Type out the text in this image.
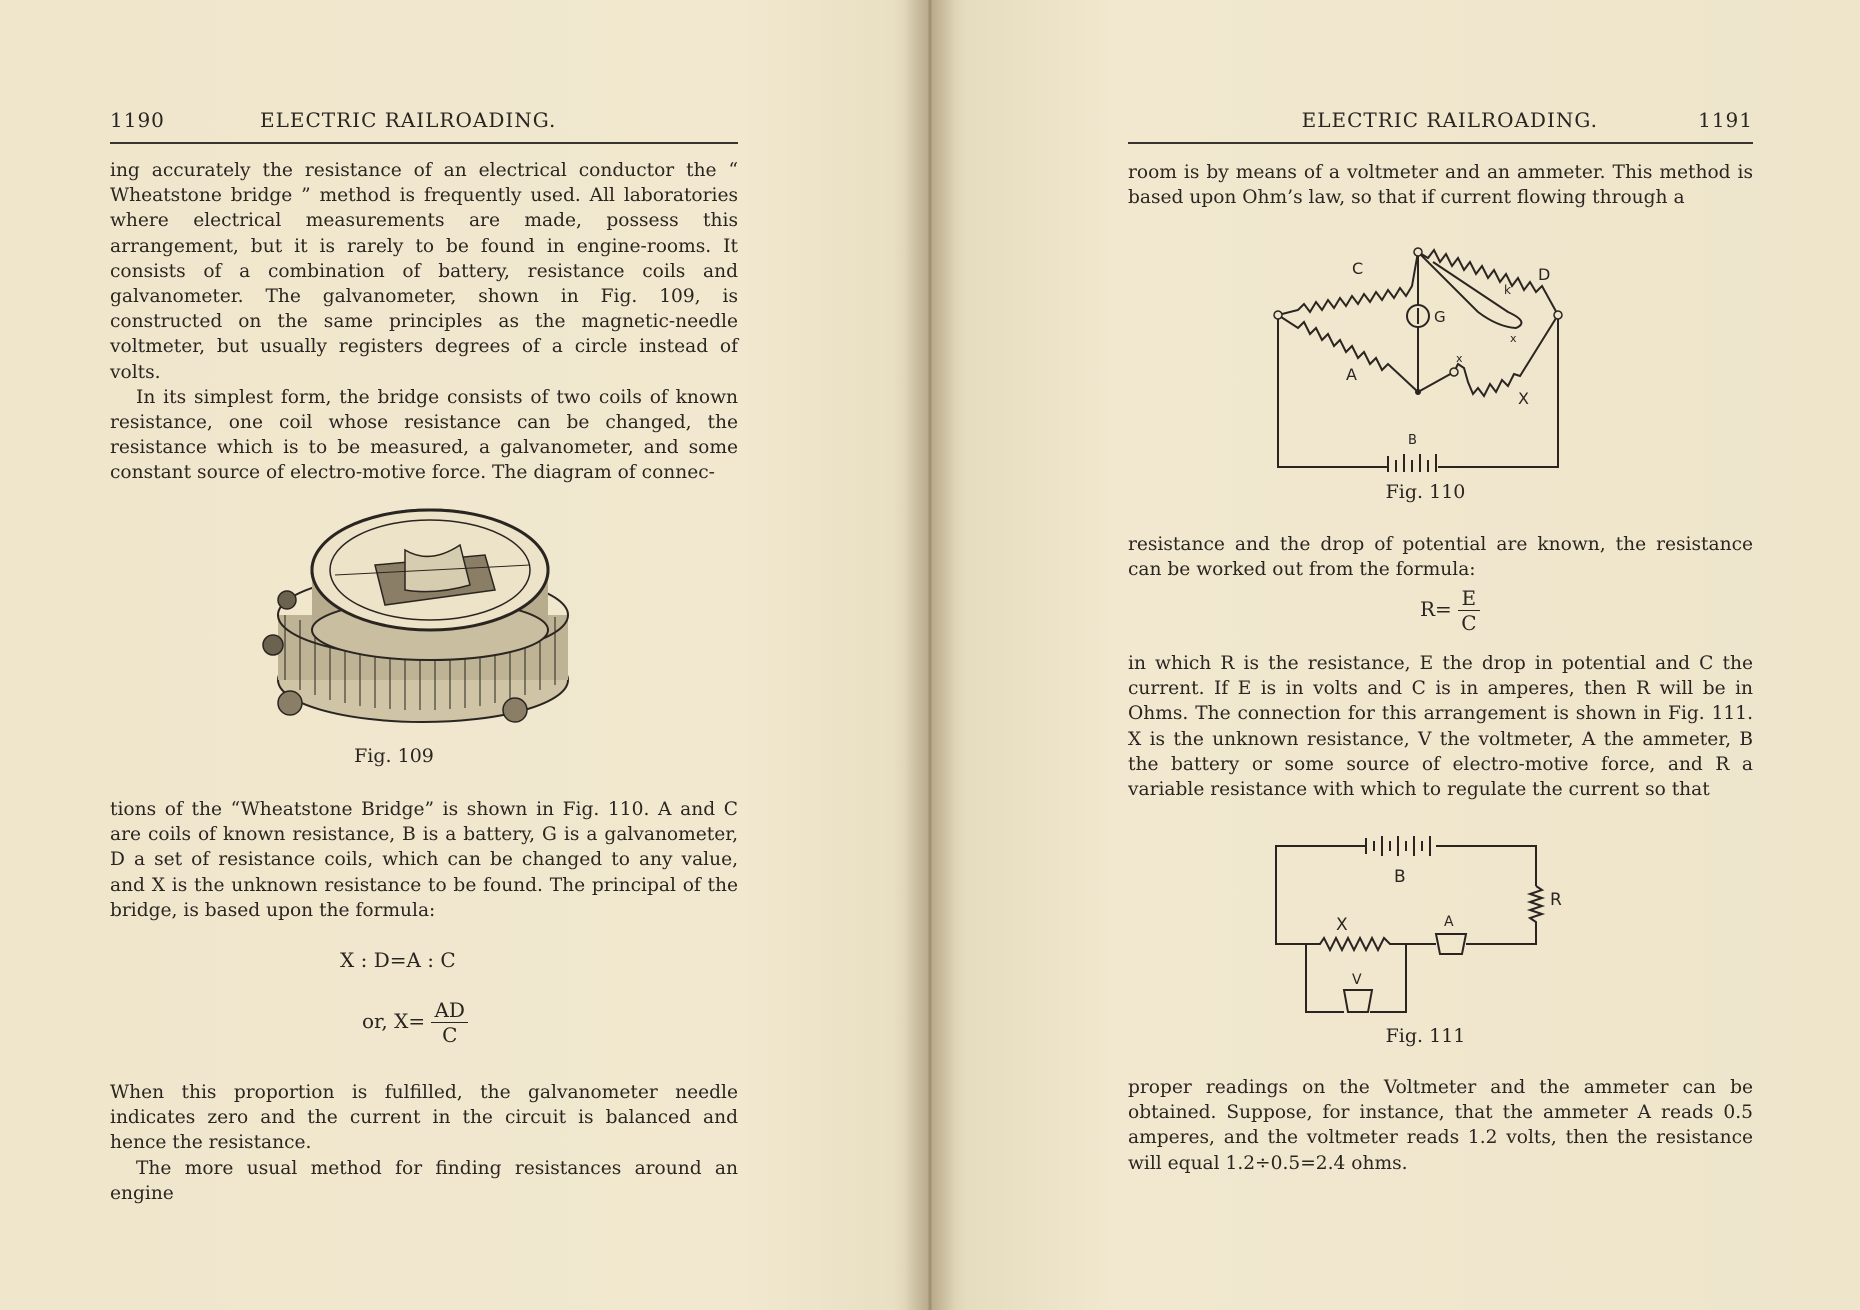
1190	ELECTRIC RAILROADING.

ing accurately the resistance of an electrical conductor the “ Wheatstone bridge ” method is frequently used. All laboratories where electrical measurements are made, possess this arrangement, but it is rarely to be found in engine-rooms. It consists of a combination of battery, resistance coils and galvanometer. The galvanometer, shown in Fig. 109, is constructed on the same principles as the magnetic-needle voltmeter, but usually registers degrees of a circle instead of volts.

In its simplest form, the bridge consists of two coils of known resistance, one coil whose resistance can be changed, the resistance which is to be measured, a galvanometer, and some constant source of electro-motive force. The diagram of connec-

Fig. 109

tions of the “Wheatstone Bridge” is shown in Fig. 110. A and C are coils of known resistance, B is a battery, G is a galvanometer, D a set of resistance coils, which can be changed to any value, and X is the unknown resistance to be found. The principal of the bridge, is based upon the formula:

X : D=A : C
or, $X= \frac{AD}{C}$

When this proportion is fulfilled, the galvanometer needle indicates zero and the current in the circuit is balanced and hence the resistance.

The more usual method for finding resistances around an engine

ELECTRIC RAILROADING.	1191

room is by means of a voltmeter and an ammeter. This method is based upon Ohm’s law, so that if current flowing through a

C	D
k
G
A
x
x
X
B
Fig. 110

resistance and the drop of potential are known, the resistance can be worked out from the formula:

$R= \frac{E}{C}$

in which R is the resistance, E the drop in potential and C the current. If E is in volts and C is in amperes, then R will be in Ohms. The connection for this arrangement is shown in Fig. 111. X is the unknown resistance, V the voltmeter, A the ammeter, B the battery or some source of electro-motive force, and R a variable resistance with which to regulate the current so that

B
R
X	A
V
Fig. 111

proper readings on the Voltmeter and the ammeter can be obtained. Suppose, for instance, that the ammeter A reads 0.5 amperes, and the voltmeter reads 1.2 volts, then the resistance will equal 1.2÷0.5=2.4 ohms.
